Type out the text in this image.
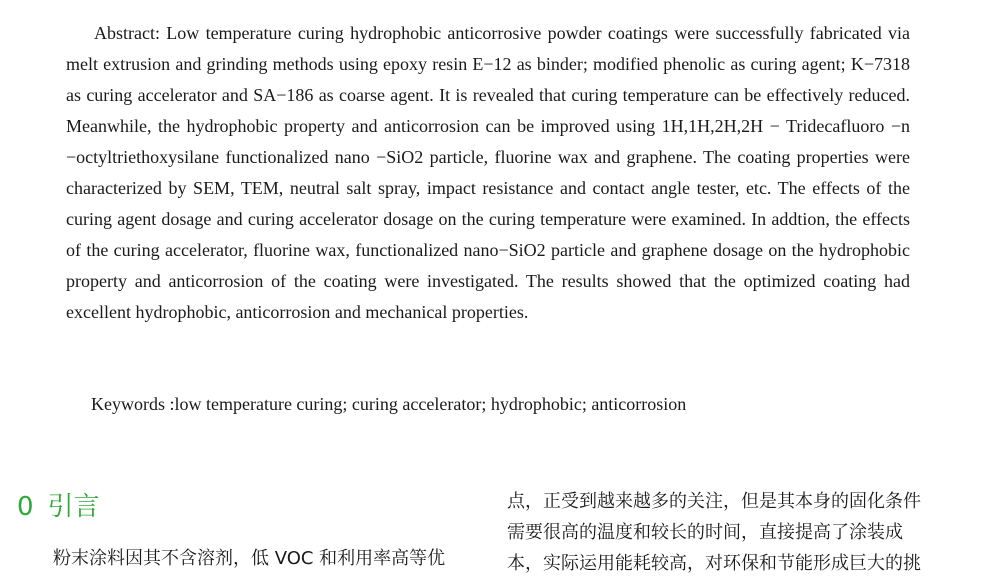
Abstract: Low temperature curing hydrophobic anticorrosive powder coatings were successfully fabricated via melt extrusion and grinding methods using epoxy resin E−12 as binder; modified phenolic as curing agent; K−7318 as curing accelerator and SA−186 as coarse agent. It is revealed that curing temperature can be effectively reduced. Meanwhile, the hydrophobic property and anticorrosion can be improved using 1H,1H,2H,2H − Tridecafluoro −n −octyltriethoxysilane functionalized nano −SiO2 particle, fluorine wax and graphene. The coating properties were characterized by SEM, TEM, neutral salt spray, impact resistance and contact angle tester, etc. The effects of the curing agent dosage and curing accelerator dosage on the curing temperature were examined. In addtion, the effects of the curing accelerator, fluorine wax, functionalized nano−SiO2 particle and graphene dosage on the hydrophobic property and anticorrosion of the coating were investigated. The results showed that the optimized coating had excellent hydrophobic, anticorrosion and mechanical properties.

Keywords :low temperature curing; curing accelerator; hydrophobic; anticorrosion

0 引言

粉末涂料因其不含溶剂，低 VOC 和利用率高等优

点，正受到越来越多的关注，但是其本身的固化条件
需要很高的温度和较长的时间，直接提高了涂装成
本，实际运用能耗较高，对环保和节能形成巨大的挑
